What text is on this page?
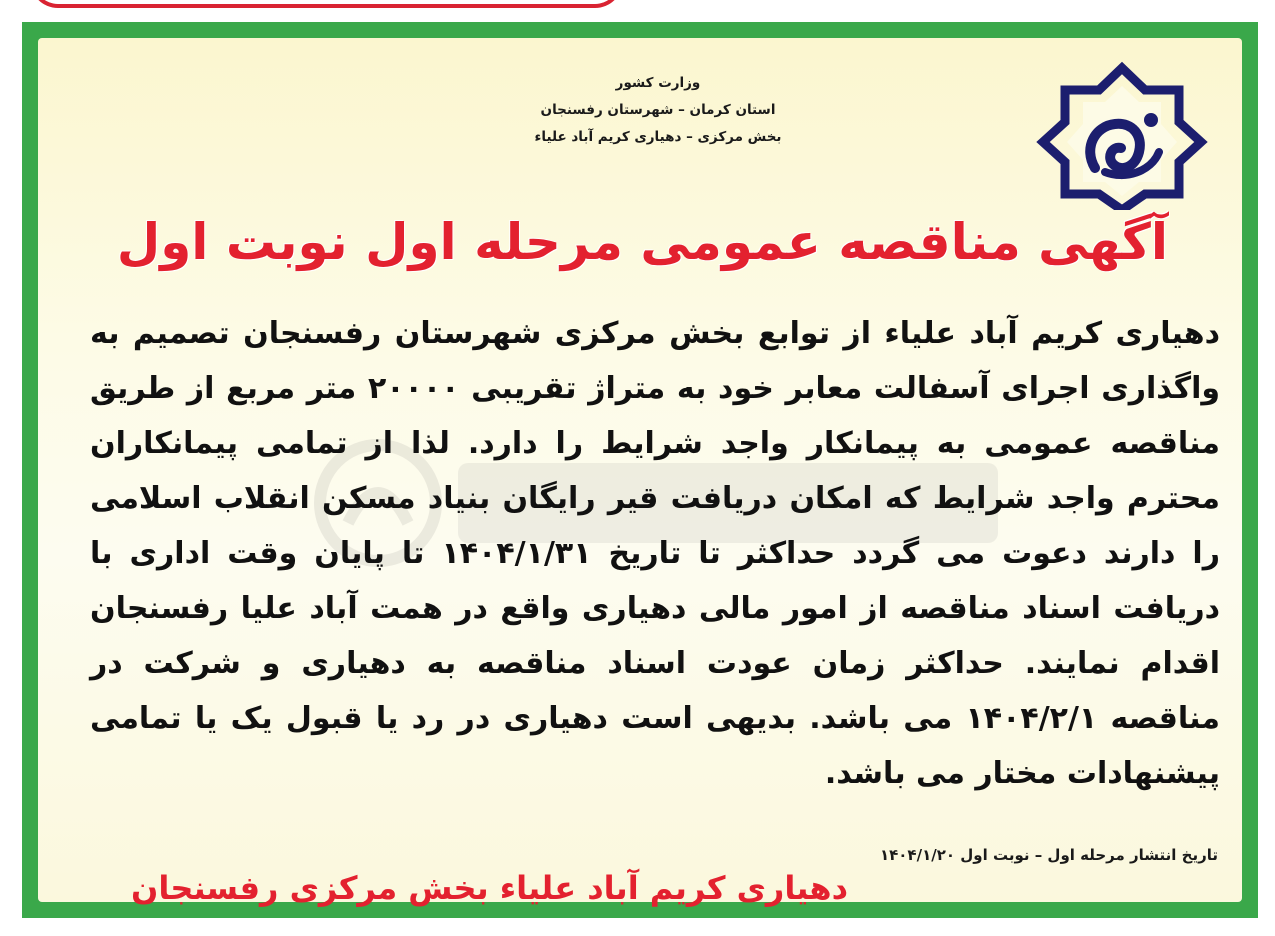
وزارت کشور
استان کرمان – شهرستان رفسنجان
بخش مرکزی – دهیاری کریم آباد علیاء
آگهی مناقصه عمومی مرحله اول نوبت اول
دهیاری کریم آباد علیاء از توابع بخش مرکزی شهرستان رفسنجان تصمیم به واگذاری اجرای آسفالت معابر خود به متراژ تقریبی ۲۰۰۰۰ متر مربع از طریق مناقصه عمومی به پیمانکار واجد شرایط را دارد. لذا از تمامی پیمانکاران محترم واجد شرایط که امکان دریافت قیر رایگان بنیاد مسکن انقلاب اسلامی را دارند دعوت می گردد حداکثر تا تاریخ ۱۴۰۴/۱/۳۱ تا پایان وقت اداری با دریافت اسناد مناقصه از امور مالی دهیاری واقع در همت آباد علیا رفسنجان اقدام نمایند. حداکثر زمان عودت اسناد مناقصه به دهیاری و شرکت در مناقصه ۱۴۰۴/۲/۱ می باشد. بدیهی است دهیاری در رد یا قبول یک یا تمامی پیشنهادات مختار می باشد.
تاریخ انتشار مرحله اول – نوبت اول ۱۴۰۴/۱/۲۰
دهیاری کریم آباد علیاء بخش مرکزی رفسنجان
